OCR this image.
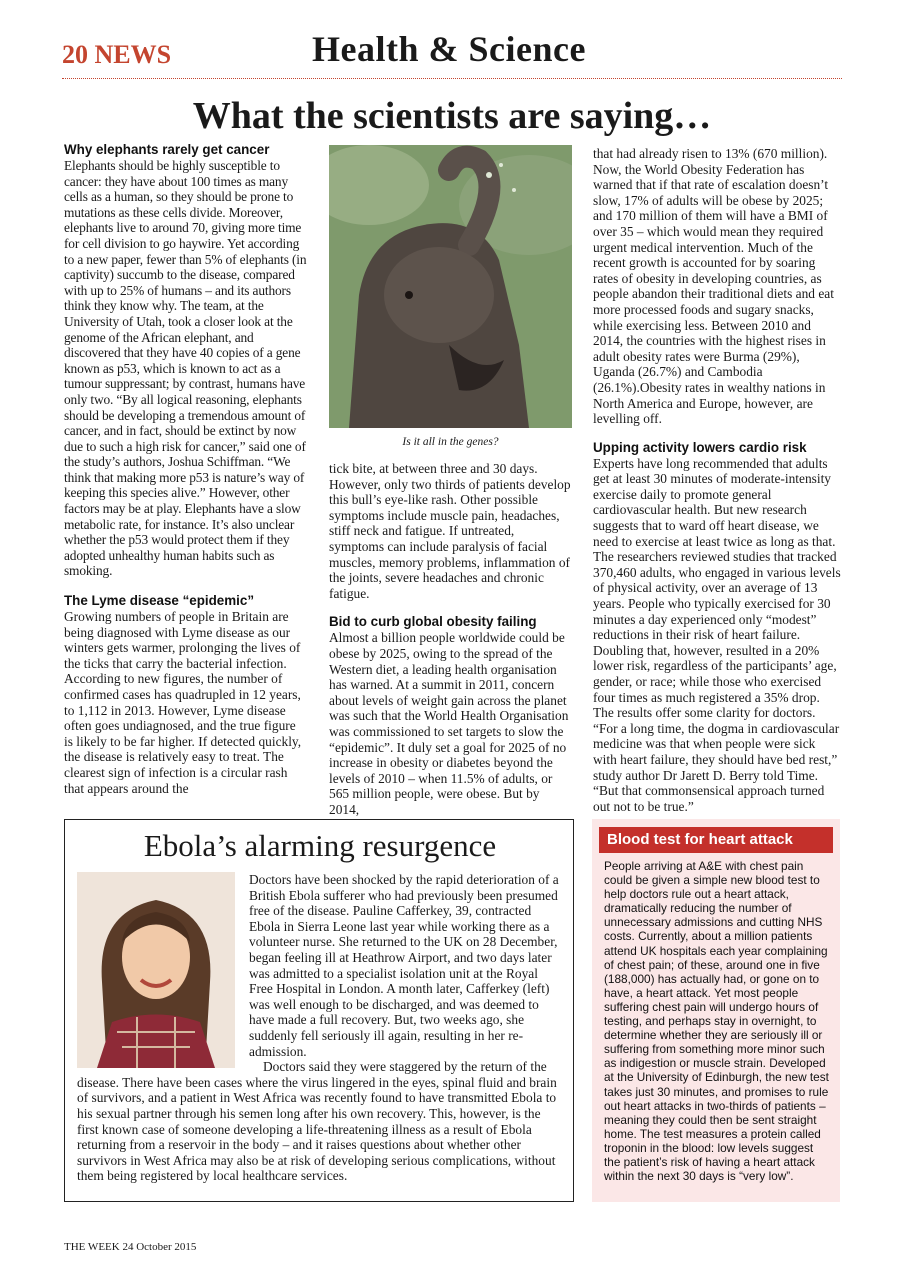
20 NEWS	Health & Science
What the scientists are saying…
Why elephants rarely get cancer

Elephants should be highly susceptible to cancer: they have about 100 times as many cells as a human, so they should be prone to mutations as these cells divide. Moreover, elephants live to around 70, giving more time for cell division to go haywire. Yet according to a new paper, fewer than 5% of elephants (in captivity) succumb to the disease, compared with up to 25% of humans – and its authors think they know why. The team, at the University of Utah, took a closer look at the genome of the African elephant, and discovered that they have 40 copies of a gene known as p53, which is known to act as a tumour suppressant; by contrast, humans have only two. “By all logical reasoning, elephants should be developing a tremendous amount of cancer, and in fact, should be extinct by now due to such a high risk for cancer,” said one of the study’s authors, Joshua Schiffman. “We think that making more p53 is nature’s way of keeping this species alive.” However, other factors may be at play. Elephants have a slow metabolic rate, for instance. It’s also unclear whether the p53 would protect them if they adopted unhealthy human habits such as smoking.

The Lyme disease “epidemic”

Growing numbers of people in Britain are being diagnosed with Lyme disease as our winters gets warmer, prolonging the lives of the ticks that carry the bacterial infection. According to new figures, the number of confirmed cases has quadrupled in 12 years, to 1,112 in 2013. However, Lyme disease often goes undiagnosed, and the true figure is likely to be far higher. If detected quickly, the disease is relatively easy to treat. The clearest sign of infection is a circular rash that appears around the

Is it all in the genes?

tick bite, at between three and 30 days. However, only two thirds of patients develop this bull’s eye-like rash. Other possible symptoms include muscle pain, headaches, stiff neck and fatigue. If untreated, symptoms can include paralysis of facial muscles, memory problems, inflammation of the joints, severe headaches and chronic fatigue.

Bid to curb global obesity failing

Almost a billion people worldwide could be obese by 2025, owing to the spread of the Western diet, a leading health organisation has warned. At a summit in 2011, concern about levels of weight gain across the planet was such that the World Health Organisation was commissioned to set targets to slow the “epidemic”. It duly set a goal for 2025 of no increase in obesity or diabetes beyond the levels of 2010 – when 11.5% of adults, or 565 million people, were obese. But by 2014,

that had already risen to 13% (670 million). Now, the World Obesity Federation has warned that if that rate of escalation doesn’t slow, 17% of adults will be obese by 2025; and 170 million of them will have a BMI of over 35 – which would mean they required urgent medical intervention. Much of the recent growth is accounted for by soaring rates of obesity in developing countries, as people abandon their traditional diets and eat more processed foods and sugary snacks, while exercising less. Between 2010 and 2014, the countries with the highest rises in adult obesity rates were Burma (29%), Uganda (26.7%) and Cambodia (26.1%).Obesity rates in wealthy nations in North America and Europe, however, are levelling off.

Upping activity lowers cardio risk

Experts have long recommended that adults get at least 30 minutes of moderate-intensity exercise daily to promote general cardiovascular health. But new research suggests that to ward off heart disease, we need to exercise at least twice as long as that. The researchers reviewed studies that tracked 370,460 adults, who engaged in various levels of physical activity, over an average of 13 years. People who typically exercised for 30 minutes a day experienced only “modest” reductions in their risk of heart failure. Doubling that, however, resulted in a 20% lower risk, regardless of the participants’ age, gender, or race; while those who exercised four times as much registered a 35% drop. The results offer some clarity for doctors. “For a long time, the dogma in cardiovascular medicine was that when people were sick with heart failure, they should have bed rest,” study author Dr Jarett D. Berry told Time. “But that commonsensical approach turned out not to be true.”

Ebola’s alarming resurgence

Doctors have been shocked by the rapid deterioration of a British Ebola sufferer who had previously been presumed free of the disease. Pauline Cafferkey, 39, contracted Ebola in Sierra Leone last year while working there as a volunteer nurse. She returned to the UK on 28 December, began feeling ill at Heathrow Airport, and two days later was admitted to a specialist isolation unit at the Royal Free Hospital in London. A month later, Cafferkey (left) was well enough to be discharged, and was deemed to have made a full recovery. But, two weeks ago, she suddenly fell seriously ill again, resulting in her re-admission.

Doctors said they were staggered by the return of the disease. There have been cases where the virus lingered in the eyes, spinal fluid and brain of survivors, and a patient in West Africa was recently found to have transmitted Ebola to his sexual partner through his semen long after his own recovery. This, however, is the first known case of someone developing a life-threatening illness as a result of Ebola returning from a reservoir in the body – and it raises questions about whether other survivors in West Africa may also be at risk of developing serious complications, without them being registered by local healthcare services.

Blood test for heart attack
People arriving at A&E with chest pain could be given a simple new blood test to help doctors rule out a heart attack, dramatically reducing the number of unnecessary admissions and cutting NHS costs. Currently, about a million patients attend UK hospitals each year complaining of chest pain; of these, around one in five (188,000) has actually had, or gone on to have, a heart attack. Yet most people suffering chest pain will undergo hours of testing, and perhaps stay in overnight, to determine whether they are seriously ill or suffering from something more minor such as indigestion or muscle strain. Developed at the University of Edinburgh, the new test takes just 30 minutes, and promises to rule out heart attacks in two-thirds of patients – meaning they could then be sent straight home. The test measures a protein called troponin in the blood: low levels suggest the patient’s risk of having a heart attack within the next 30 days is “very low”.
THE WEEK 24 October 2015
